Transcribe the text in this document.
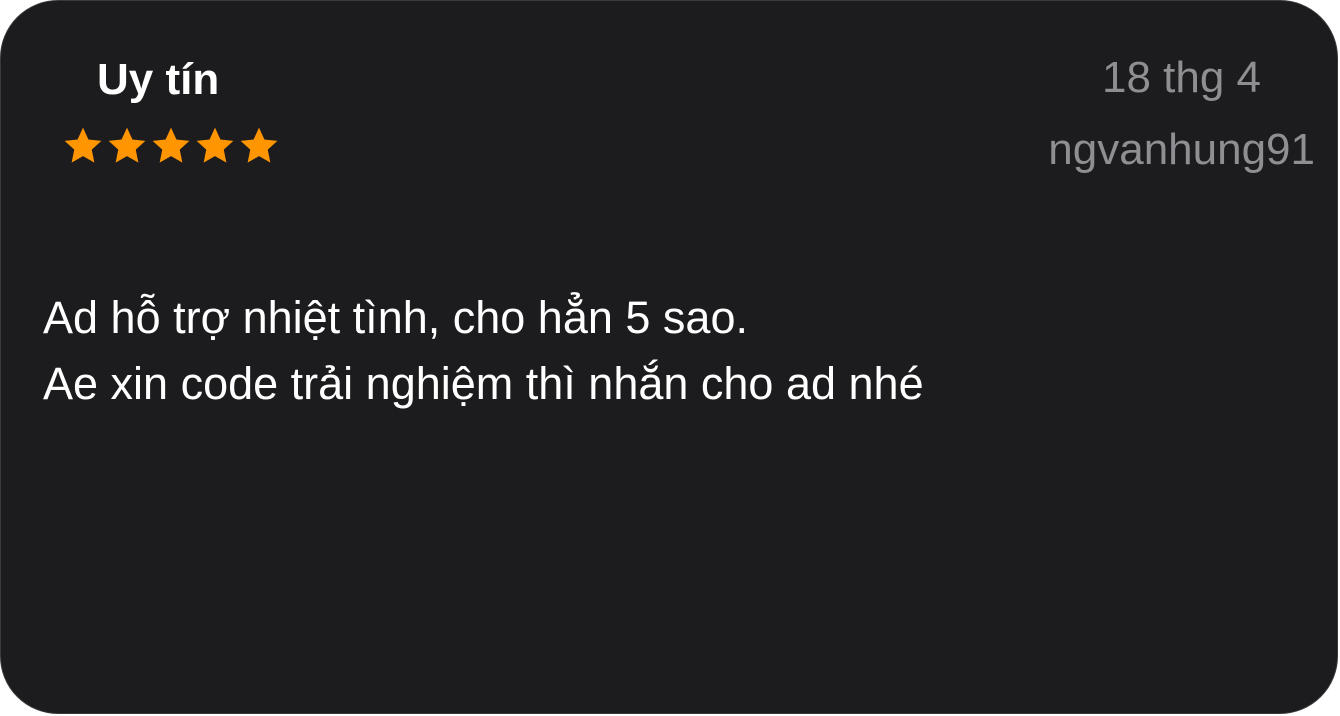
Uy tín	18 thg 4
ngvanhung91
Ad hỗ trợ nhiệt tình, cho hẳn 5 sao.
Ae xin code trải nghiệm thì nhắn cho ad nhé
